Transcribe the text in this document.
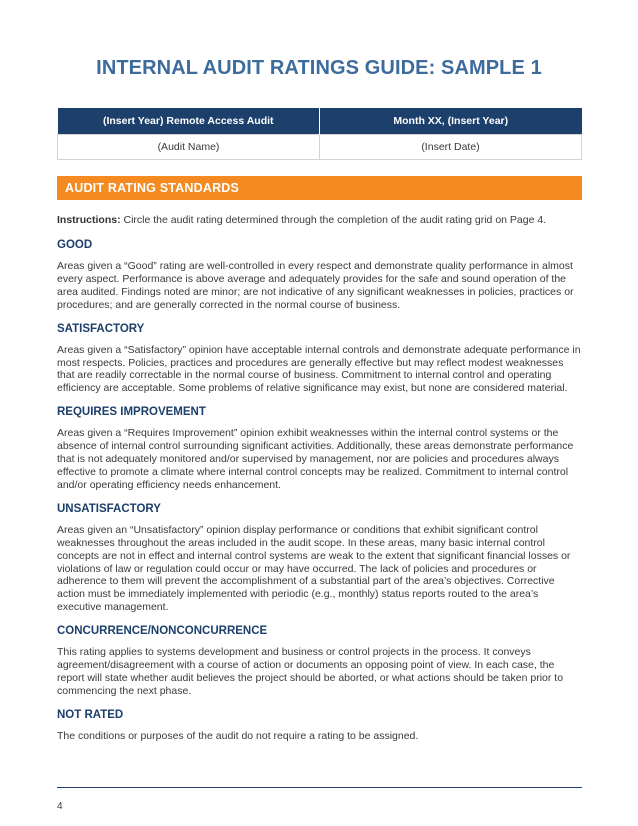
INTERNAL AUDIT RATINGS GUIDE: SAMPLE 1
(Insert Year) Remote Access Audit	Month XX, (Insert Year)
(Audit Name)	(Insert Date)
AUDIT RATING STANDARDS

Instructions: Circle the audit rating determined through the completion of the audit rating grid on Page 4.

GOOD

Areas given a “Good” rating are well-controlled in every respect and demonstrate quality performance in almost every aspect. Performance is above average and adequately provides for the safe and sound operation of the area audited. Findings noted are minor; are not indicative of any significant weaknesses in policies, practices or procedures; and are generally corrected in the normal course of business.

SATISFACTORY

Areas given a “Satisfactory” opinion have acceptable internal controls and demonstrate adequate performance in most respects. Policies, practices and procedures are generally effective but may reflect modest weaknesses that are readily correctable in the normal course of business. Commitment to internal control and operating efficiency are acceptable. Some problems of relative significance may exist, but none are considered material.

REQUIRES IMPROVEMENT

Areas given a “Requires Improvement” opinion exhibit weaknesses within the internal control systems or the absence of internal control surrounding significant activities. Additionally, these areas demonstrate performance that is not adequately monitored and/or supervised by management, nor are policies and procedures always effective to promote a climate where internal control concepts may be realized. Commitment to internal control and/or operating efficiency needs enhancement.

UNSATISFACTORY

Areas given an “Unsatisfactory” opinion display performance or conditions that exhibit significant control weaknesses throughout the areas included in the audit scope. In these areas, many basic internal control concepts are not in effect and internal control systems are weak to the extent that significant financial losses or violations of law or regulation could occur or may have occurred. The lack of policies and procedures or adherence to them will prevent the accomplishment of a substantial part of the area’s objectives. Corrective action must be immediately implemented with periodic (e.g., monthly) status reports routed to the area’s executive management.

CONCURRENCE/NONCONCURRENCE

This rating applies to systems development and business or control projects in the process. It conveys agreement/disagreement with a course of action or documents an opposing point of view. In each case, the report will state whether audit believes the project should be aborted, or what actions should be taken prior to commencing the next phase.

NOT RATED

The conditions or purposes of the audit do not require a rating to be assigned.

4
